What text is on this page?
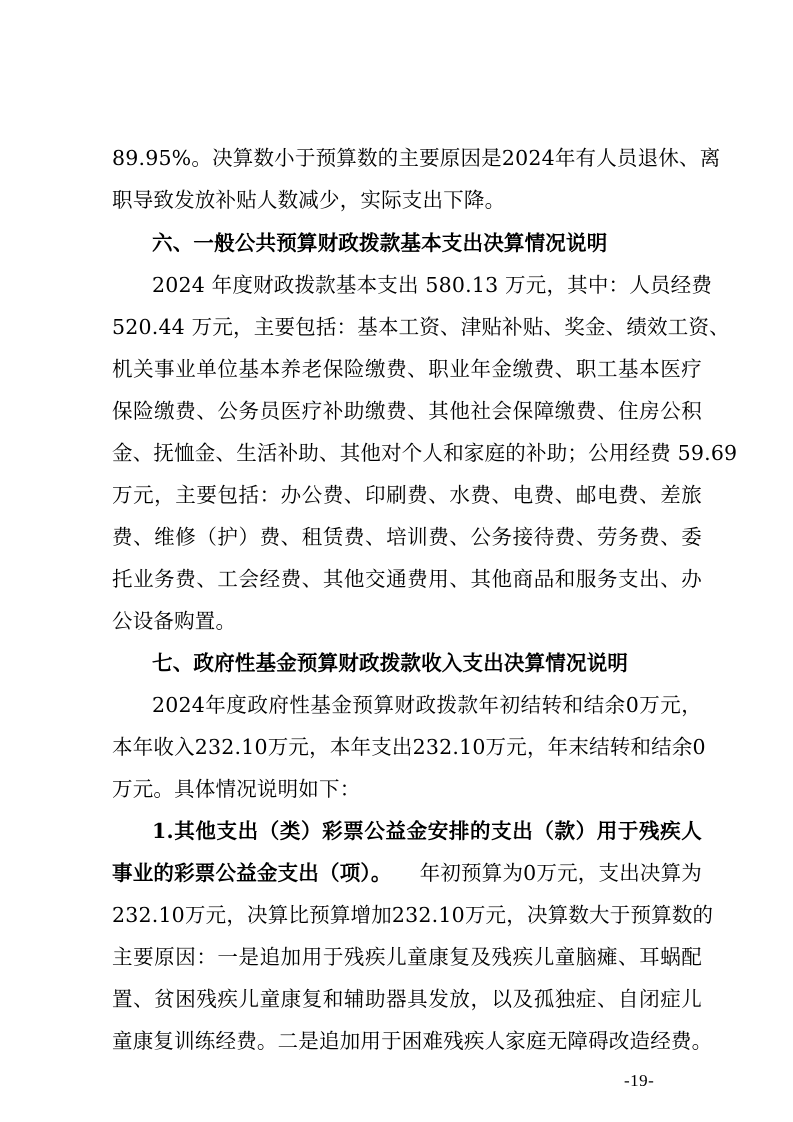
89.95%。决算数小于预算数的主要原因是2024年有人员退休、离
职导致发放补贴人数减少，实际支出下降。
六、一般公共预算财政拨款基本支出决算情况说明
2024 年度财政拨款基本支出 580.13 万元，其中：人员经费
520.44 万元，主要包括：基本工资、津贴补贴、奖金、绩效工资、
机关事业单位基本养老保险缴费、职业年金缴费、职工基本医疗
保险缴费、公务员医疗补助缴费、其他社会保障缴费、住房公积
金、抚恤金、生活补助、其他对个人和家庭的补助；公用经费 59.69
万元，主要包括：办公费、印刷费、水费、电费、邮电费、差旅
费、维修（护）费、租赁费、培训费、公务接待费、劳务费、委
托业务费、工会经费、其他交通费用、其他商品和服务支出、办
公设备购置。
七、政府性基金预算财政拨款收入支出决算情况说明
2024年度政府性基金预算财政拨款年初结转和结余0万元，
本年收入232.10万元，本年支出232.10万元，年末结转和结余0
万元。具体情况说明如下：
1.其他支出（类）彩票公益金安排的支出（款）用于残疾人
事业的彩票公益金支出（项）。 年初预算为0万元，支出决算为
232.10万元，决算比预算增加232.10万元，决算数大于预算数的
主要原因：一是追加用于残疾儿童康复及残疾儿童脑瘫、耳蜗配
置、贫困残疾儿童康复和辅助器具发放，以及孤独症、自闭症儿
童康复训练经费。二是追加用于困难残疾人家庭无障碍改造经费。
-19-
